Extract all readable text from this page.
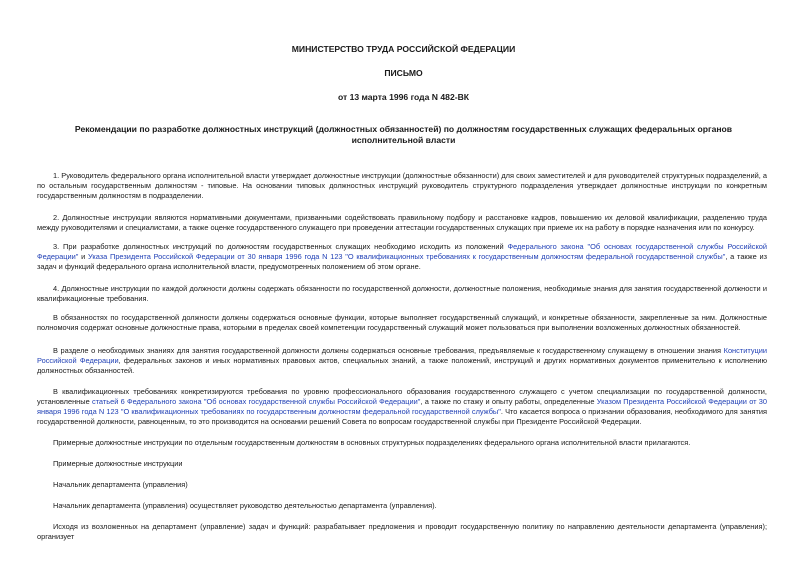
МИНИСТЕРСТВО ТРУДА РОССИЙСКОЙ ФЕДЕРАЦИИ
ПИСЬМО
от 13 марта 1996 года N 482-ВК
Рекомендации по разработке должностных инструкций (должностных обязанностей) по должностям государственных служащих федеральных органов
исполнительной власти

1. Руководитель федерального органа исполнительной власти утверждает должностные инструкции (должностные обязанности) для своих заместителей и для руководителей структурных подразделений, а по остальным государственным должностям - типовые. На основании типовых должностных инструкций руководитель структурного подразделения утверждает должностные инструкции по конкретным государственным должностям в подразделении.

2. Должностные инструкции являются нормативными документами, призванными содействовать правильному подбору и расстановке кадров, повышению их деловой квалификации, разделению труда между руководителями и специалистами, а также оценке государственного служащего при проведении аттестации государственных служащих при приеме их на работу в порядке назначения или по конкурсу.

3. При разработке должностных инструкций по должностям государственных служащих необходимо исходить из положений Федерального закона "Об основах государственной службы Российской Федерации" и Указа Президента Российской Федерации от 30 января 1996 года N 123 "О квалификационных требованиях к государственным должностям федеральной государственной службы", а также из задач и функций федерального органа исполнительной власти, предусмотренных положением об этом органе.

4. Должностные инструкции по каждой должности должны содержать обязанности по государственной должности, должностные положения, необходимые знания для занятия государственной должности и квалификационные требования.

В обязанностях по государственной должности должны содержаться основные функции, которые выполняет государственный служащий, и конкретные обязанности, закрепленные за ним. Должностные полномочия содержат основные должностные права, которыми в пределах своей компетенции государственный служащий может пользоваться при выполнении возложенных должностных обязанностей.

В разделе о необходимых знаниях для занятия государственной должности должны содержаться основные требования, предъявляемые к государственному служащему в отношении знания Конституции Российской Федерации, федеральных законов и иных нормативных правовых актов, специальных знаний, а также положений, инструкций и других нормативных документов применительно к исполнению должностных обязанностей.

В квалификационных требованиях конкретизируются требования по уровню профессионального образования государственного служащего с учетом специализации по государственной должности, установленные статьей 6 Федерального закона "Об основах государственной службы Российской Федерации", а также по стажу и опыту работы, определенные Указом Президента Российской Федерации от 30 января 1996 года N 123 "О квалификационных требованиях по государственным должностям федеральной государственной службы". Что касается вопроса о признании образования, необходимого для занятия государственной должности, равноценным, то это производится на основании решений Совета по вопросам государственной службы при Президенте Российской Федерации.

Примерные должностные инструкции по отдельным государственным должностям в основных структурных подразделениях федерального органа исполнительной власти прилагаются.

Примерные должностные инструкции

Начальник департамента (управления)

Начальник департамента (управления) осуществляет руководство деятельностью департамента (управления).

Исходя из возложенных на департамент (управление) задач и функций: разрабатывает предложения и проводит государственную политику по направлению деятельности департамента (управления); организует
